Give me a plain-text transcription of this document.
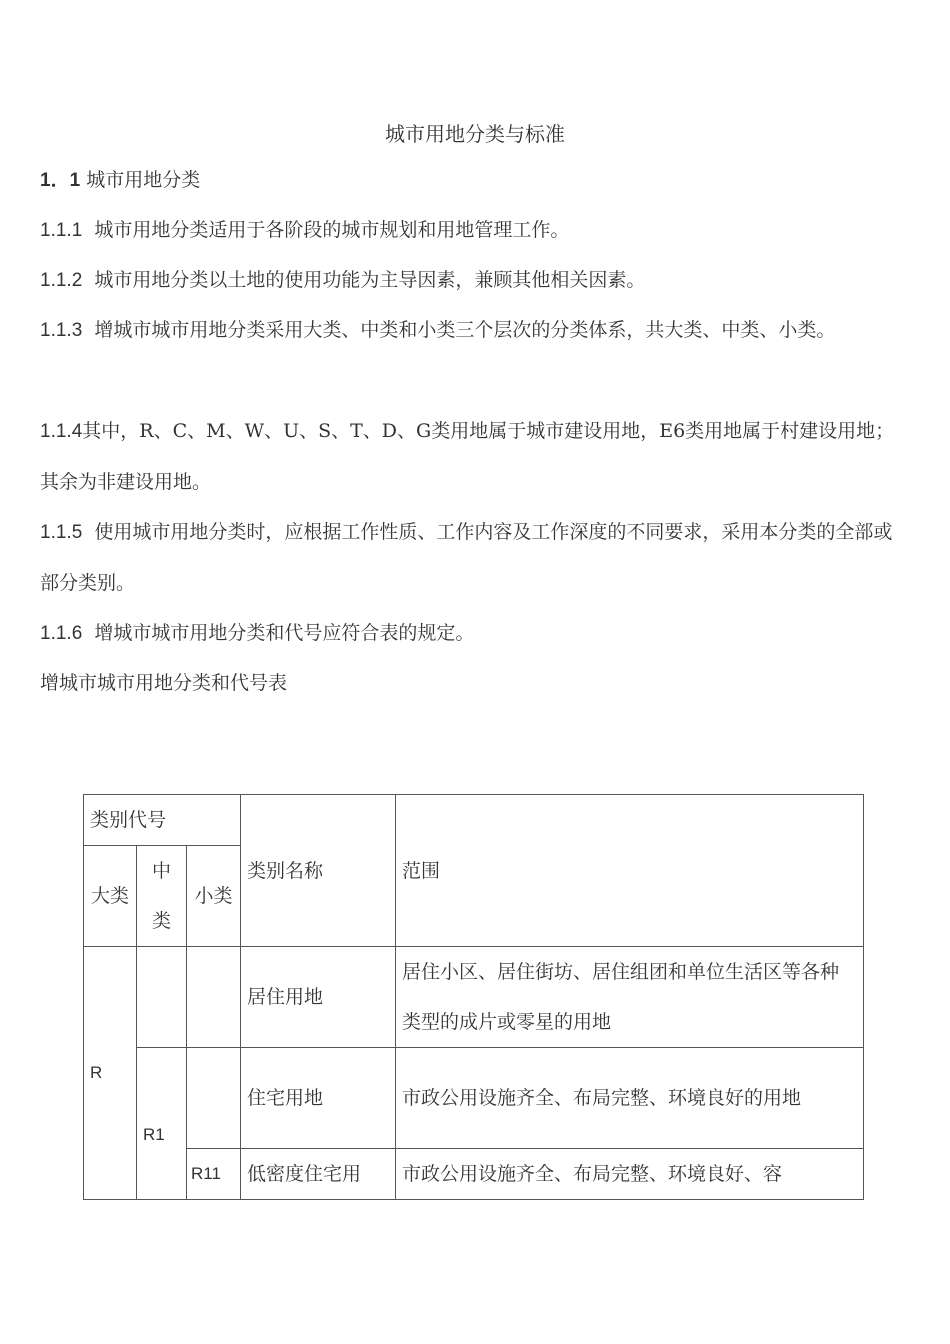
城市用地分类与标准

1．1 城市用地分类

1.1.1 城市用地分类适用于各阶段的城市规划和用地管理工作。

1.1.2 城市用地分类以土地的使用功能为主导因素，兼顾其他相关因素。

1.1.3 增城市城市用地分类采用大类、中类和小类三个层次的分类体系，共大类、中类、小类。

1.1.4其中，R、C、M、W、U、S、T、D、G类用地属于城市建设用地，E6类用地属于村建设用地；其余为非建设用地。

1.1.5 使用城市用地分类时，应根据工作性质、工作内容及工作深度的不同要求，采用本分类的全部或部分类别。

1.1.6 增城市城市用地分类和代号应符合表的规定。

增城市城市用地分类和代号表

类别代号			类别名称	范围
大类	中类	小类		
R			居住用地	居住小区、居住街坊、居住组团和单位生活区等各种类型的成片或零星的用地
	R1		住宅用地	市政公用设施齐全、布局完整、环境良好的用地
		R11	低密度住宅用	市政公用设施齐全、布局完整、环境良好、容
